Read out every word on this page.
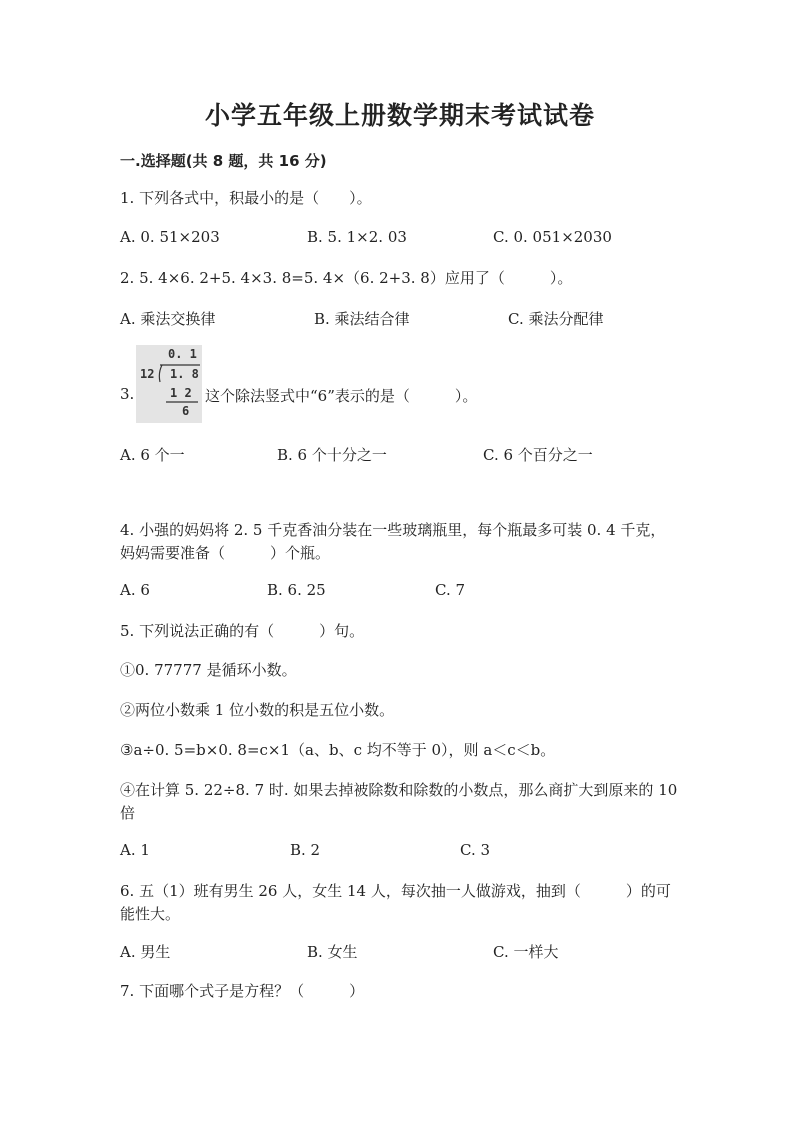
小学五年级上册数学期末考试试卷
一.选择题(共 8 题，共 16 分)
1. 下列各式中，积最小的是（　　）。
A. 0. 51×203	B. 5. 1×2. 03	C. 0. 051×2030
2. 5. 4×6. 2+5. 4×3. 8=5. 4×（6. 2+3. 8）应用了（　　　）。
A. 乘法交换律	B. 乘法结合律	C. 乘法分配律
3.
0. 1
12 1. 8
1 2
6
这个除法竖式中“6”表示的是（　　　）。
A. 6 个一	B. 6 个十分之一	C. 6 个百分之一
4. 小强的妈妈将 2. 5 千克香油分装在一些玻璃瓶里，每个瓶最多可装 0. 4 千克，妈妈需要准备（　　　）个瓶。
A. 6	B. 6. 25	C. 7
5. 下列说法正确的有（　　　）句。
①0. 77777 是循环小数。
②两位小数乘 1 位小数的积是五位小数。
③a÷0. 5=b×0. 8=c×1（a、b、c 均不等于 0），则 a＜c＜b。
④在计算 5. 22÷8. 7 时. 如果去掉被除数和除数的小数点，那么商扩大到原来的 10 倍
A. 1	B. 2	C. 3
6. 五（1）班有男生 26 人，女生 14 人，每次抽一人做游戏，抽到（　　　）的可能性大。
A. 男生	B. 女生	C. 一样大
7. 下面哪个式子是方程？（　　　）
